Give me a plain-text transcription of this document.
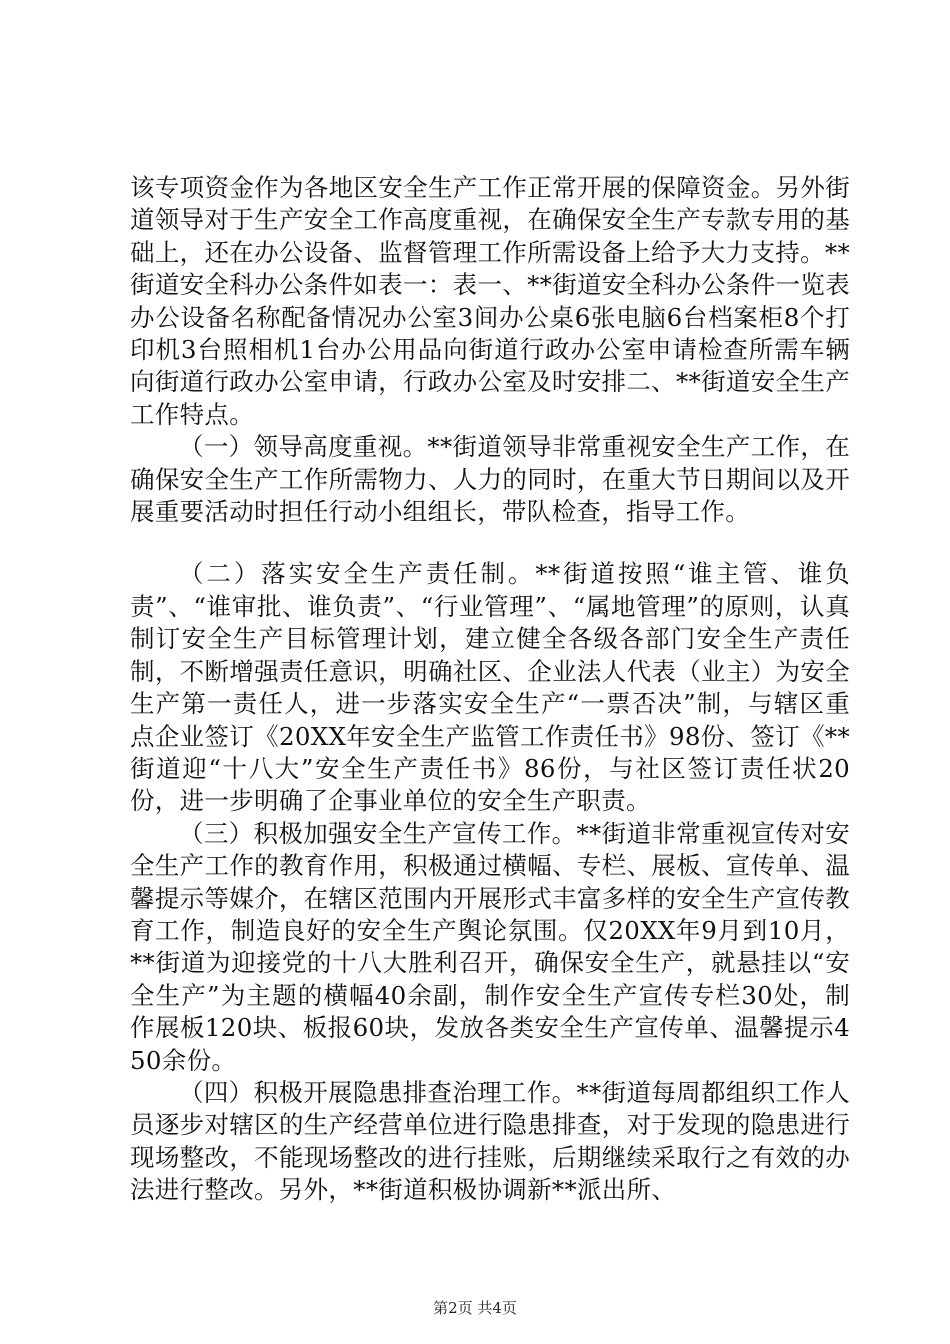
该专项资金作为各地区安全生产工作正常开展的保障资金。另外街道领导对于生产安全工作高度重视，在确保安全生产专款专用的基础上，还在办公设备、监督管理工作所需设备上给予大力支持。**街道安全科办公条件如表一：表一、**街道安全科办公条件一览表办公设备名称配备情况办公室3间办公桌6张电脑6台档案柜8个打印机3台照相机1台办公用品向街道行政办公室申请检查所需车辆向街道行政办公室申请，行政办公室及时安排二、**街道安全生产工作特点。

（一）领导高度重视。**街道领导非常重视安全生产工作，在确保安全生产工作所需物力、人力的同时，在重大节日期间以及开展重要活动时担任行动小组组长，带队检查，指导工作。

（二）落实安全生产责任制。**街道按照“谁主管、谁负责”、“谁审批、谁负责”、“行业管理”、“属地管理”的原则，认真制订安全生产目标管理计划，建立健全各级各部门安全生产责任制，不断增强责任意识，明确社区、企业法人代表（业主）为安全生产第一责任人，进一步落实安全生产“一票否决”制，与辖区重点企业签订《20XX年安全生产监管工作责任书》98份、签订《**街道迎“十八大”安全生产责任书》86份，与社区签订责任状20份，进一步明确了企事业单位的安全生产职责。

（三）积极加强安全生产宣传工作。**街道非常重视宣传对安全生产工作的教育作用，积极通过横幅、专栏、展板、宣传单、温馨提示等媒介，在辖区范围内开展形式丰富多样的安全生产宣传教育工作，制造良好的安全生产舆论氛围。仅20XX年9月到10月，**街道为迎接党的十八大胜利召开，确保安全生产，就悬挂以“安全生产”为主题的横幅40余副，制作安全生产宣传专栏30处，制作展板120块、板报60块，发放各类安全生产宣传单、温馨提示450余份。

（四）积极开展隐患排查治理工作。**街道每周都组织工作人员逐步对辖区的生产经营单位进行隐患排查，对于发现的隐患进行现场整改，不能现场整改的进行挂账，后期继续采取行之有效的办法进行整改。另外，**街道积极协调新**派出所、

第2页 共4页
